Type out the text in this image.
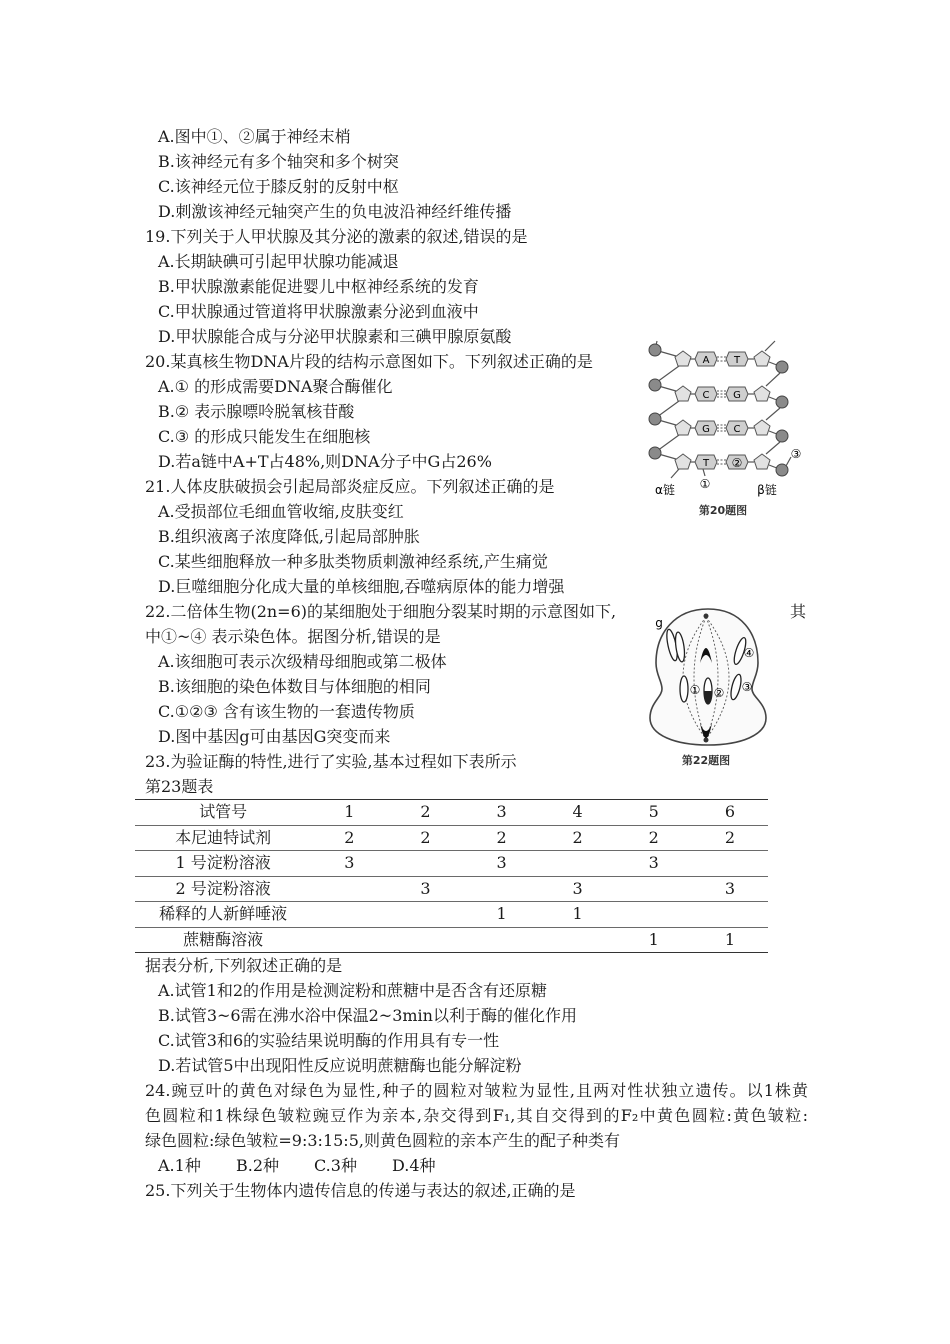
A.图中①、②属于神经末梢
B.该神经元有多个轴突和多个树突
C.该神经元位于膝反射的反射中枢
D.刺激该神经元轴突产生的负电波沿神经纤维传播
19.下列关于人甲状腺及其分泌的激素的叙述,错误的是
A.长期缺碘可引起甲状腺功能减退
B.甲状腺激素能促进婴儿中枢神经系统的发育
C.甲状腺通过管道将甲状腺激素分泌到血液中
D.甲状腺能合成与分泌甲状腺素和三碘甲腺原氨酸
20.某真核生物DNA片段的结构示意图如下。下列叙述正确的是
A.① 的形成需要DNA聚合酶催化
B.② 表示腺嘌呤脱氧核苷酸
C.③ 的形成只能发生在细胞核
D.若a链中A+T占48%,则DNA分子中G占26%
21.人体皮肤破损会引起局部炎症反应。下列叙述正确的是
A.受损部位毛细血管收缩,皮肤变红
B.组织液离子浓度降低,引起局部肿胀
C.某些细胞释放一种多肽类物质刺激神经系统,产生痛觉
D.巨噬细胞分化成大量的单核细胞,吞噬病原体的能力增强
22.二倍体生物(2n=6)的某细胞处于细胞分裂某时期的示意图如下,	其
中①~④ 表示染色体。据图分析,错误的是
A.该细胞可表示次级精母细胞或第二极体
B.该细胞的染色体数目与体细胞的相同
C.①②③ 含有该生物的一套遗传物质
D.图中基因g可由基因G突变而来
23.为验证酶的特性,进行了实验,基本过程如下表所示
第23题表
试管号	1	2	3	4	5	6
本尼迪特试剂	2	2	2	2	2	2
1 号淀粉溶液	3		3		3	
2 号淀粉溶液		3		3		3
稀释的人新鲜唾液			1	1		
蔗糖酶溶液					1	1
据表分析,下列叙述正确的是
A.试管1和2的作用是检测淀粉和蔗糖中是否含有还原糖
B.试管3~6需在沸水浴中保温2~3min以利于酶的催化作用
C.试管3和6的实验结果说明酶的作用具有专一性
D.若试管5中出现阳性反应说明蔗糖酶也能分解淀粉
24.豌豆叶的黄色对绿色为显性,种子的圆粒对皱粒为显性,且两对性状独立遗传。以1株黄
色圆粒和1株绿色皱粒豌豆作为亲本,杂交得到F₁,其自交得到的F₂中黄色圆粒:黄色皱粒:
绿色圆粒:绿色皱粒=9:3:15:5,则黄色圆粒的亲本产生的配子种类有
A.1种 B.2种 C.3种 D.4种
25.下列关于生物体内遗传信息的传递与表达的叙述,正确的是
A T
C G
G C
T ②
α链 ①	β链
③
第20题图
g
① ② ③
④
第22题图
